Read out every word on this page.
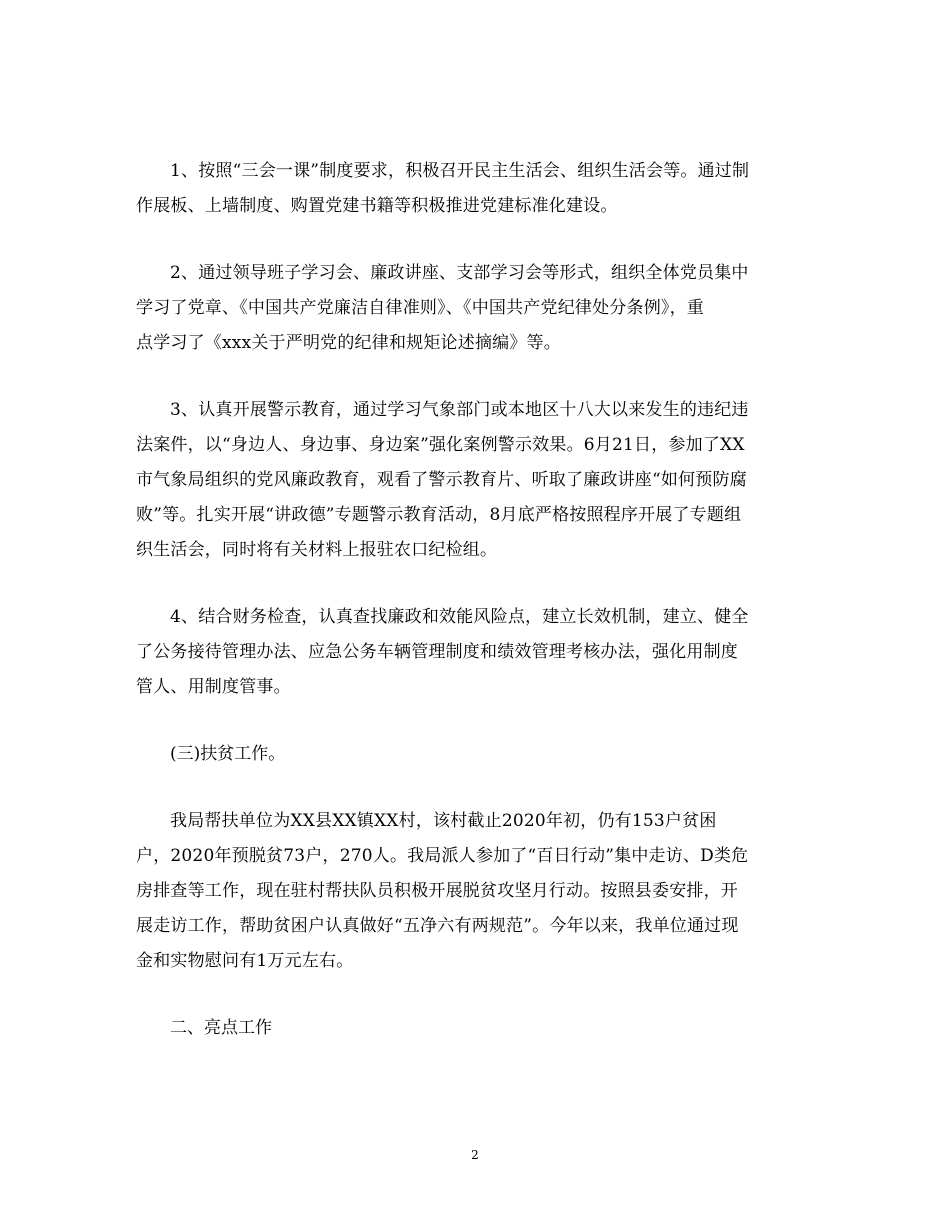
1、按照“三会一课”制度要求，积极召开民主生活会、组织生活会等。通过制
作展板、上墙制度、购置党建书籍等积极推进党建标准化建设。

2、通过领导班子学习会、廉政讲座、支部学习会等形式，组织全体党员集中
学习了党章、《中国共产党廉洁自律准则》、《中国共产党纪律处分条例》，重
点学习了《xxx关于严明党的纪律和规矩论述摘编》等。

3、认真开展警示教育，通过学习气象部门或本地区十八大以来发生的违纪违
法案件，以“身边人、身边事、身边案”强化案例警示效果。6月21日，参加了XX
市气象局组织的党风廉政教育，观看了警示教育片、听取了廉政讲座“如何预防腐
败”等。扎实开展“讲政德”专题警示教育活动，8月底严格按照程序开展了专题组
织生活会，同时将有关材料上报驻农口纪检组。

4、结合财务检查，认真查找廉政和效能风险点，建立长效机制，建立、健全
了公务接待管理办法、应急公务车辆管理制度和绩效管理考核办法，强化用制度
管人、用制度管事。

(三)扶贫工作。

我局帮扶单位为XX县XX镇XX村，该村截止2020年初，仍有153户贫困
户，2020年预脱贫73户，270人。我局派人参加了“百日行动”集中走访、D类危
房排查等工作，现在驻村帮扶队员积极开展脱贫攻坚月行动。按照县委安排，开
展走访工作，帮助贫困户认真做好“五净六有两规范”。今年以来，我单位通过现
金和实物慰问有1万元左右。

二、亮点工作

2
